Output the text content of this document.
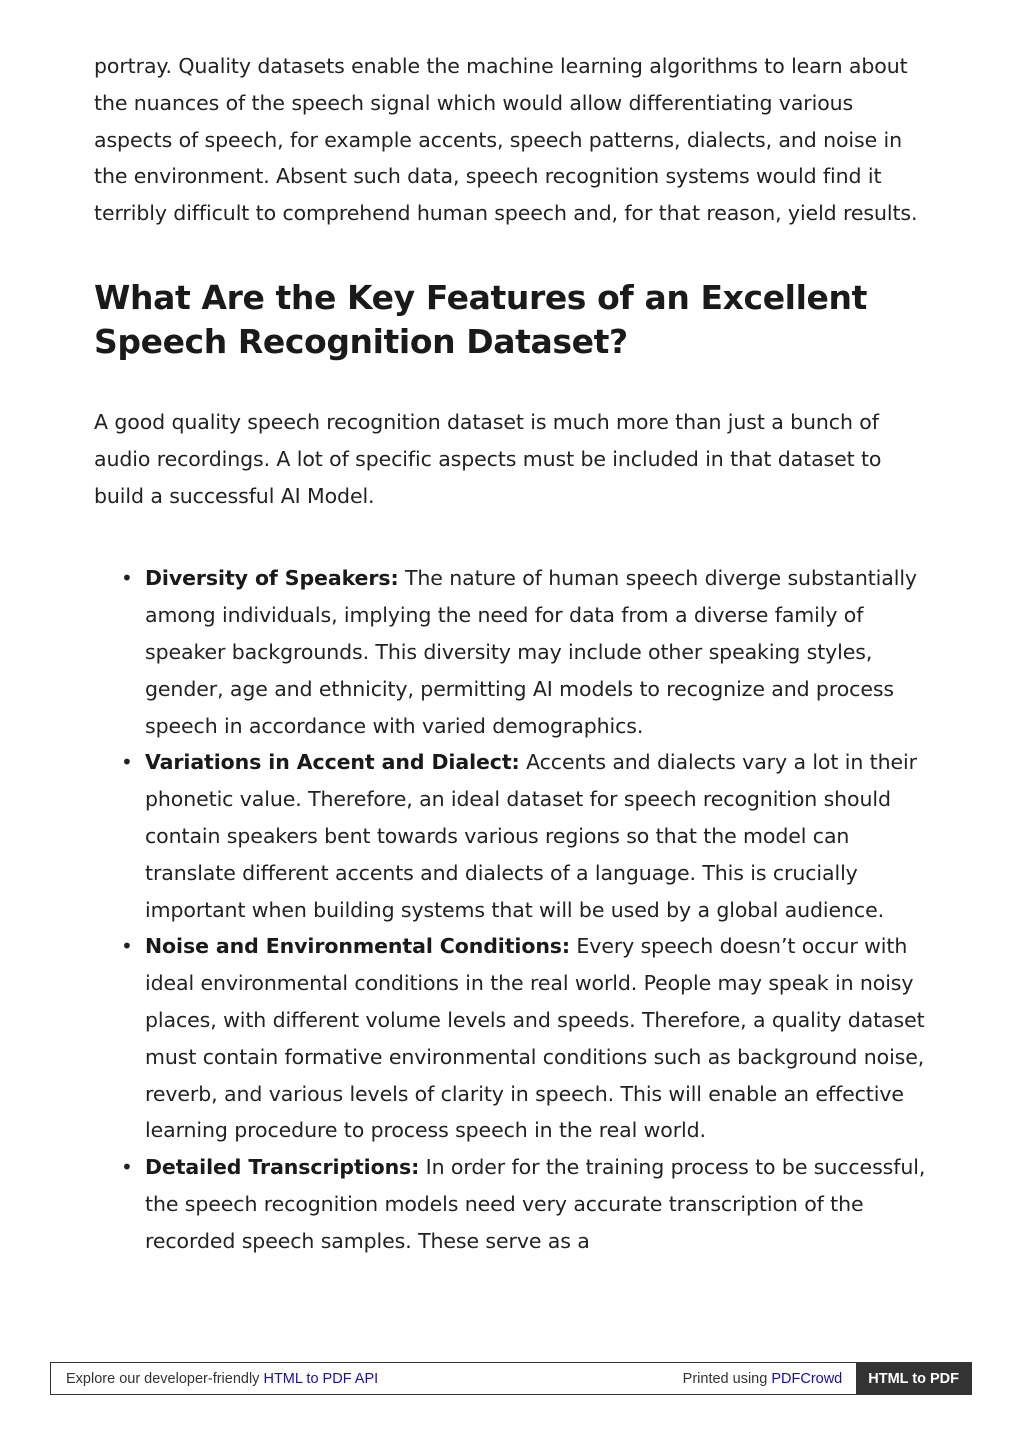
portray. Quality datasets enable the machine learning algorithms to learn about the nuances of the speech signal which would allow differentiating various aspects of speech, for example accents, speech patterns, dialects, and noise in the environment. Absent such data, speech recognition systems would find it terribly difficult to comprehend human speech and, for that reason, yield results.

What Are the Key Features of an Excellent Speech Recognition Dataset?

A good quality speech recognition dataset is much more than just a bunch of audio recordings. A lot of specific aspects must be included in that dataset to build a successful AI Model.

• Diversity of Speakers: The nature of human speech diverge substantially among individuals, implying the need for data from a diverse family of speaker backgrounds. This diversity may include other speaking styles, gender, age and ethnicity, permitting AI models to recognize and process speech in accordance with varied demographics.
• Variations in Accent and Dialect: Accents and dialects vary a lot in their phonetic value. Therefore, an ideal dataset for speech recognition should contain speakers bent towards various regions so that the model can translate different accents and dialects of a language. This is crucially important when building systems that will be used by a global audience.
• Noise and Environmental Conditions: Every speech doesn’t occur with ideal environmental conditions in the real world. People may speak in noisy places, with different volume levels and speeds. Therefore, a quality dataset must contain formative environmental conditions such as background noise, reverb, and various levels of clarity in speech. This will enable an effective learning procedure to process speech in the real world.
• Detailed Transcriptions: In order for the training process to be successful, the speech recognition models need very accurate transcription of the recorded speech samples. These serve as a
Explore our developer-friendly HTML to PDF API	Printed using PDFCrowd	HTML to PDF
